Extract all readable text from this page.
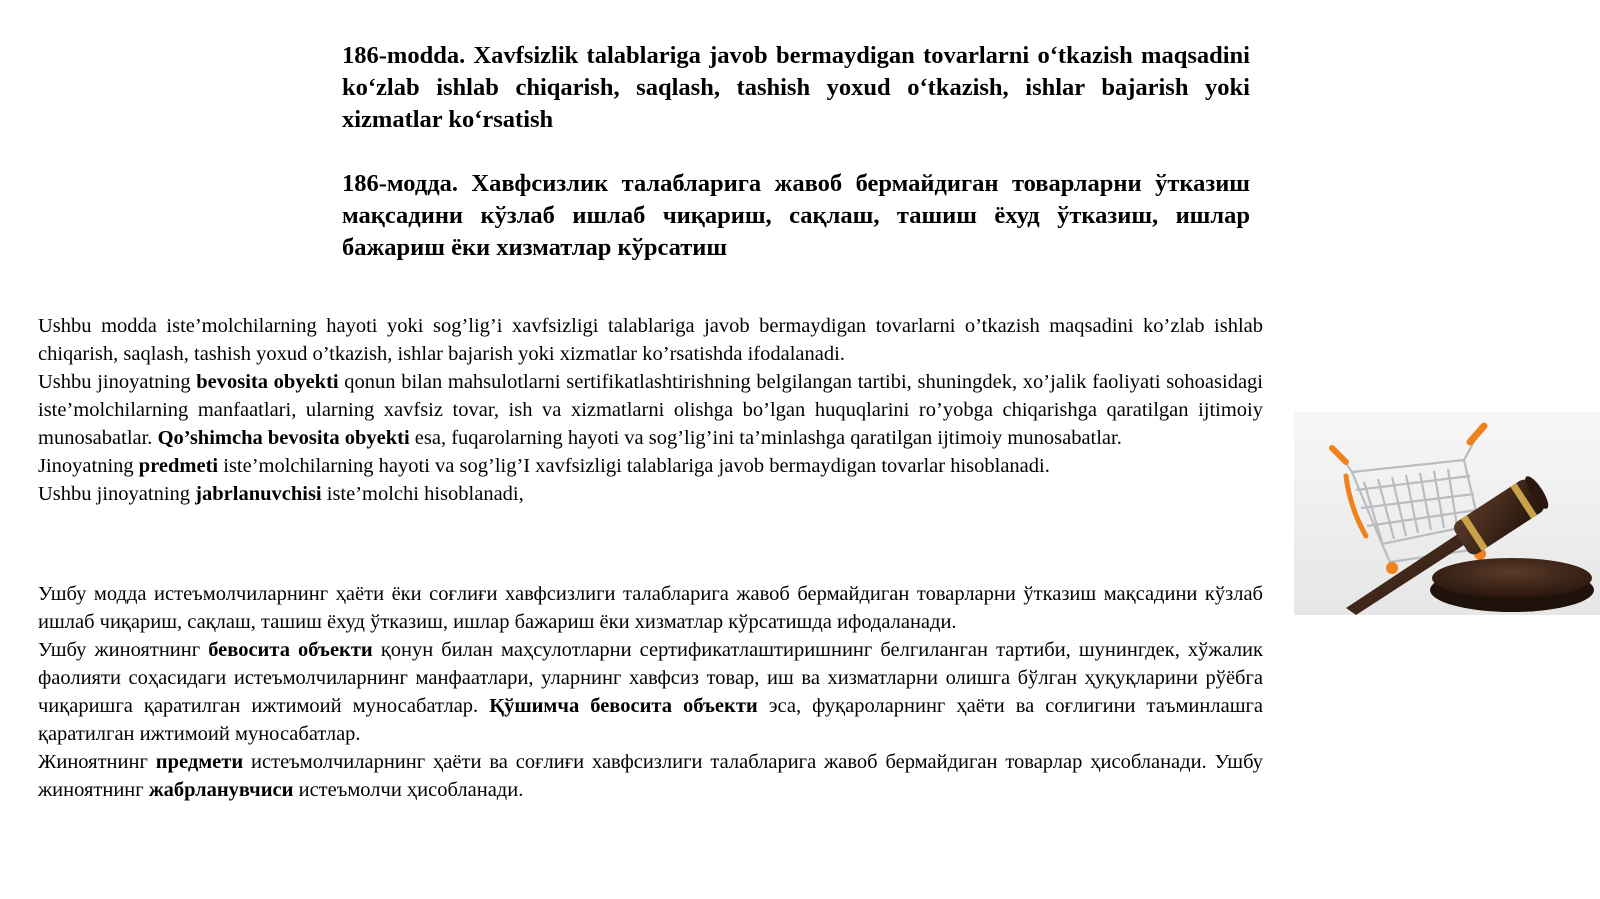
186-modda. Xavfsizlik talablariga javob bermaydigan tovarlarni oʻtkazish maqsadini koʻzlab ishlab chiqarish, saqlash, tashish yoxud oʻtkazish, ishlar bajarish yoki xizmatlar koʻrsatish

186-модда. Хавфсизлик талабларига жавоб бермайдиган товарларни ўтказиш мақсадини кўзлаб ишлаб чиқариш, сақлаш, ташиш ёхуд ўтказиш, ишлар бажариш ёки хизматлар кўрсатиш

Ushbu modda iste’molchilarning hayoti yoki sog’lig’i xavfsizligi talablariga javob bermaydigan tovarlarni o’tkazish maqsadini ko’zlab ishlab chiqarish, saqlash, tashish yoxud o’tkazish, ishlar bajarish yoki xizmatlar ko’rsatishda ifodalanadi.

Ushbu jinoyatning bevosita obyekti qonun bilan mahsulotlarni sertifikatlashtirishning belgilangan tartibi, shuningdek, xo’jalik faoliyati sohoasidagi iste’molchilarning manfaatlari, ularning xavfsiz tovar, ish va xizmatlarni olishga bo’lgan huquqlarini ro’yobga chiqarishga qaratilgan ijtimoiy munosabatlar. Qo’shimcha bevosita obyekti esa, fuqarolarning hayoti va sog’lig’ini ta’minlashga qaratilgan ijtimoiy munosabatlar.

Jinoyatning predmeti iste’molchilarning hayoti va sog’lig’I xavfsizligi talablariga javob bermaydigan tovarlar hisoblanadi.

Ushbu jinoyatning jabrlanuvchisi iste’molchi hisoblanadi,

Ушбу модда истеъмолчиларнинг ҳаёти ёки соғлиғи хавфсизлиги талабларига жавоб бермайдиган товарларни ўтказиш мақсадини кўзлаб ишлаб чиқариш, сақлаш, ташиш ёхуд ўтказиш, ишлар бажариш ёки хизматлар кўрсатишда ифодаланади.

Ушбу жиноятнинг бевосита объекти қонун билан маҳсулотларни сертификатлаштиришнинг белгиланган тартиби, шунингдек, хўжалик фаолияти соҳасидаги истеъмолчиларнинг манфаатлари, уларнинг хавфсиз товар, иш ва хизматларни олишга бўлган ҳуқуқларини рўёбга чиқаришга қаратилган ижтимоий муносабатлар. Қўшимча бевосита объекти эса, фуқароларнинг ҳаёти ва соғлигини таъминлашга қаратилган ижтимоий муносабатлар.

Жиноятнинг предмети истеъмолчиларнинг ҳаёти ва соғлиғи хавфсизлиги талабларига жавоб бермайдиган товарлар ҳисобланади. Ушбу жиноятнинг жабрланувчиси истеъмолчи ҳисобланади.
